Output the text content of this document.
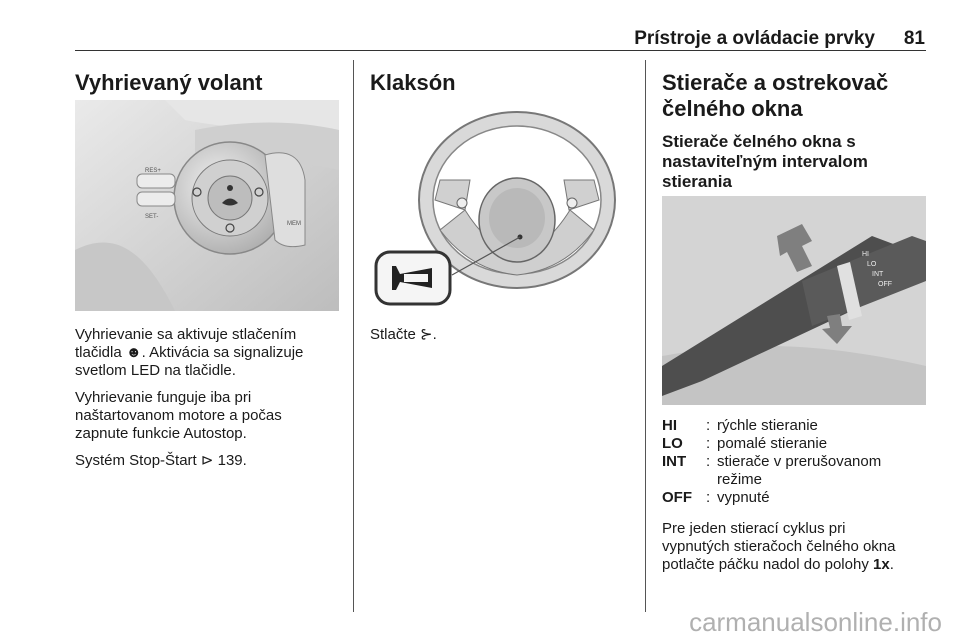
Prístroje a ovládacie prvky 81
Vyhrievaný volant
RES+
SET-
MEM

Vyhrievanie sa aktivuje stlačením

tlačidla ☻. Aktivácia sa signalizuje

svetlom LED na tlačidle.

Vyhrievanie funguje iba pri

naštartovanom motore a počas

zapnute funkcie Autostop.

Systém Stop-Štart ⊳ 139.

Klaksón

Stlačte ⊱.

Stierače a ostrekovač
čelného okna
Stierače čelného okna s
nastaviteľným intervalom
stierania
HI
LO
INT
OFF
HI	: rýchle stieranie
LO	: pomalé stieranie
INT	: stierače v prerušovanom
režime
OFF : vypnuté

Pre jeden stierací cyklus pri

vypnutých stieračoch čelného okna

potlačte páčku nadol do polohy 1x.

carmanualsonline.info
